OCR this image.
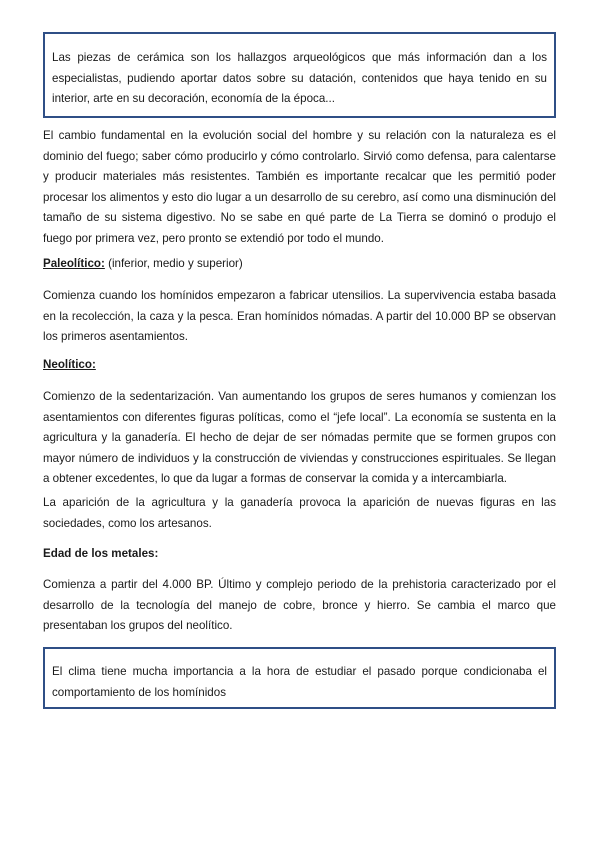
Las piezas de cerámica son los hallazgos arqueológicos que más información dan a los especialistas, pudiendo aportar datos sobre su datación, contenidos que haya tenido en su interior, arte en su decoración, economía de la época...

El cambio fundamental en la evolución social del hombre y su relación con la naturaleza es el dominio del fuego; saber cómo producirlo y cómo controlarlo. Sirvió como defensa, para calentarse y producir materiales más resistentes. También es importante recalcar que les permitió poder procesar los alimentos y esto dio lugar a un desarrollo de su cerebro, así como una disminución del tamaño de su sistema digestivo. No se sabe en qué parte de La Tierra se dominó o produjo el fuego por primera vez, pero pronto se extendió por todo el mundo.

Paleolítico: (inferior, medio y superior)

Comienza cuando los homínidos empezaron a fabricar utensilios. La supervivencia estaba basada en la recolección, la caza y la pesca. Eran homínidos nómadas. A partir del 10.000 BP se observan los primeros asentamientos.

Neolítico:

Comienzo de la sedentarización. Van aumentando los grupos de seres humanos y comienzan los asentamientos con diferentes figuras políticas, como el “jefe local”. La economía se sustenta en la agricultura y la ganadería. El hecho de dejar de ser nómadas permite que se formen grupos con mayor número de individuos y la construcción de viviendas y construcciones espirituales. Se llegan a obtener excedentes, lo que da lugar a formas de conservar la comida y a intercambiarla.

La aparición de la agricultura y la ganadería provoca la aparición de nuevas figuras en las sociedades, como los artesanos.

Edad de los metales:

Comienza a partir del 4.000 BP. Último y complejo periodo de la prehistoria caracterizado por el desarrollo de la tecnología del manejo de cobre, bronce y hierro. Se cambia el marco que presentaban los grupos del neolítico.

El clima tiene mucha importancia a la hora de estudiar el pasado porque condicionaba el comportamiento de los homínidos
